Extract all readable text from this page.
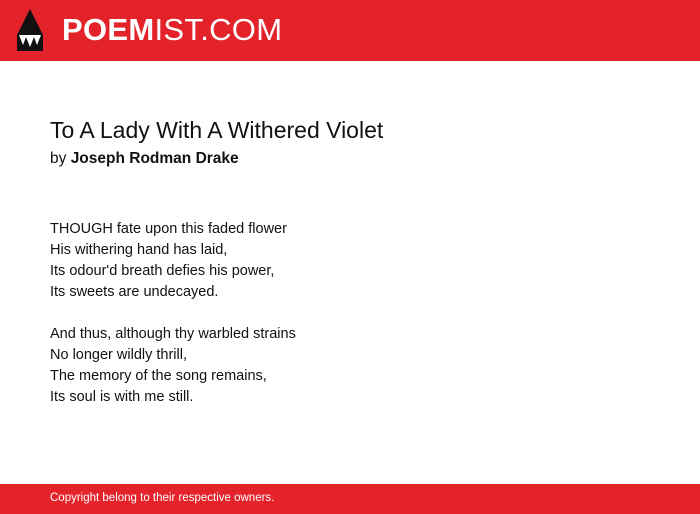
POEMIST.COM
To A Lady With A Withered Violet
by Joseph Rodman Drake
THOUGH fate upon this faded flower
His withering hand has laid,
Its odour'd breath defies his power,
Its sweets are undecayed.
And thus, although thy warbled strains
No longer wildly thrill,
The memory of the song remains,
Its soul is with me still.
Copyright belong to their respective owners.
